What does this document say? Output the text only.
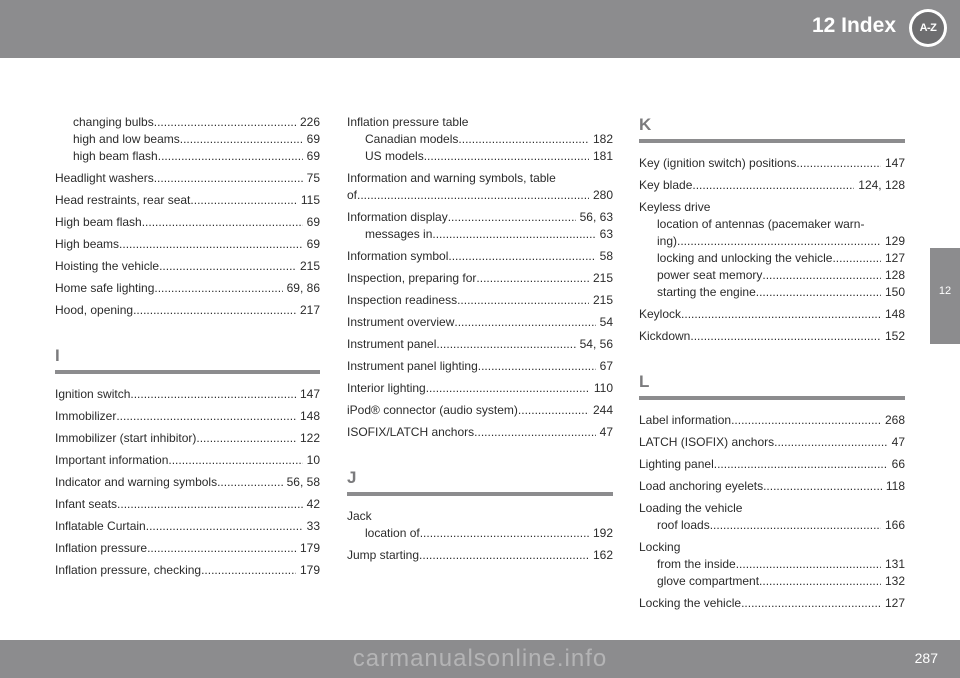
12 Index	A-Z
12
changing bulbs .....	226
high and low beams .....	69
high beam flash .....	69
Headlight washers .....	75
Head restraints, rear seat .....	115
High beam flash .....	69
High beams .....	69
Hoisting the vehicle .....	215
Home safe lighting .....	69, 86
Hood, opening .....	217
I
Ignition switch .....	147
Immobilizer .....	148
Immobilizer (start inhibitor) .....	122
Important information .....	10
Indicator and warning symbols .....	56, 58
Infant seats .....	42
Inflatable Curtain .....	33
Inflation pressure .....	179
Inflation pressure, checking .....	179
Inflation pressure table
Canadian models .....	182
US models .....	181
Information and warning symbols, table
of .....	280
Information display .....	56, 63
messages in .....	63
Information symbol .....	58
Inspection, preparing for .....	215
Inspection readiness .....	215
Instrument overview .....	54
Instrument panel .....	54, 56
Instrument panel lighting .....	67
Interior lighting .....	110
iPod® connector (audio system) .....	244
ISOFIX/LATCH anchors .....	47
J
Jack
location of .....	192
Jump starting .....	162
K
Key (ignition switch) positions .....	147
Key blade .....	124, 128
Keyless drive
location of antennas (pacemaker warn-
ing) .....	129
locking and unlocking the vehicle .....	127
power seat memory .....	128
starting the engine .....	150
Keylock .....	148
Kickdown .....	152
L
Label information .....	268
LATCH (ISOFIX) anchors .....	47
Lighting panel .....	66
Load anchoring eyelets .....	118
Loading the vehicle
roof loads .....	166
Locking
from the inside .....	131
glove compartment .....	132
Locking the vehicle .....	127
287
carmanualsonline.info
